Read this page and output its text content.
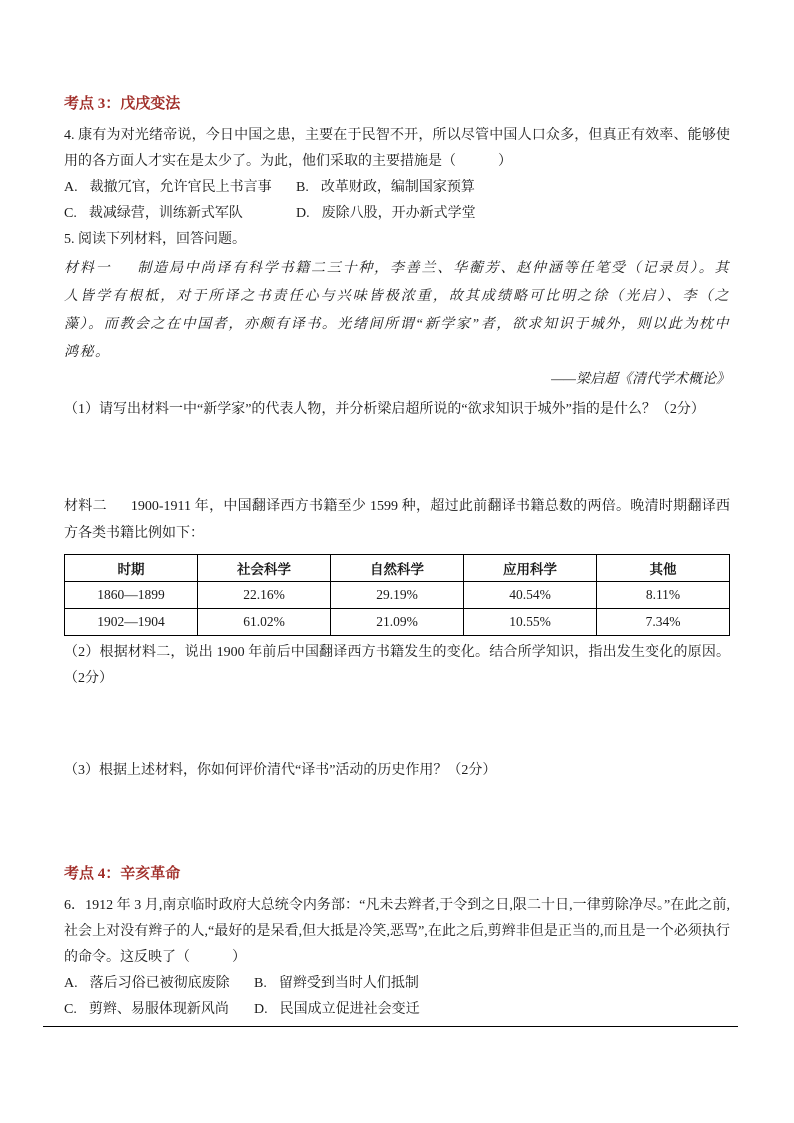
考点 3：戊戌变法

4. 康有为对光绪帝说，今日中国之患，主要在于民智不开，所以尽管中国人口众多，但真正有效率、能够使用的各方面人才实在是太少了。为此，他们采取的主要措施是（　　　）

A. 裁撤冗官，允许官民上书言事 B. 改革财政，编制国家预算
C. 裁减绿营，训练新式军队	D. 废除八股，开办新式学堂

5. 阅读下列材料，回答问题。

材料一 制造局中尚译有科学书籍二三十种，李善兰、华蘅芳、赵仲涵等任笔受（记录员）。其人皆学有根柢，对于所译之书责任心与兴味皆极浓重，故其成绩略可比明之徐（光启）、李（之藻）。而教会之在中国者，亦颇有译书。光绪间所谓“新学家”者，欲求知识于城外，则以此为枕中鸿秘。

——梁启超《清代学术概论》

（1）请写出材料一中“新学家”的代表人物，并分析梁启超所说的“欲求知识于城外”指的是什么？（2分）

材料二 1900-1911 年，中国翻译西方书籍至少 1599 种，超过此前翻译书籍总数的两倍。晚清时期翻译西方各类书籍比例如下：

时期	社会科学	自然科学	应用科学	其他
1860—1899	22.16%	29.19%	40.54%	8.11%
1902—1904	61.02%	21.09%	10.55%	7.34%

（2）根据材料二，说出 1900 年前后中国翻译西方书籍发生的变化。结合所学知识，指出发生变化的原因。（2分）

（3）根据上述材料，你如何评价清代“译书”活动的历史作用？（2分）

考点 4：辛亥革命

6．1912 年 3 月,南京临时政府大总统令内务部：“凡未去辫者,于令到之日,限二十日,一律剪除净尽。”在此之前,社会上对没有辫子的人,“最好的是呆看,但大抵是冷笑,恶骂”,在此之后,剪辫非但是正当的,而且是一个必须执行的命令。这反映了（　　　）

A. 落后习俗已被彻底废除 B. 留辫受到当时人们抵制
C. 剪辫、易服体现新风尚 D. 民国成立促进社会变迁
